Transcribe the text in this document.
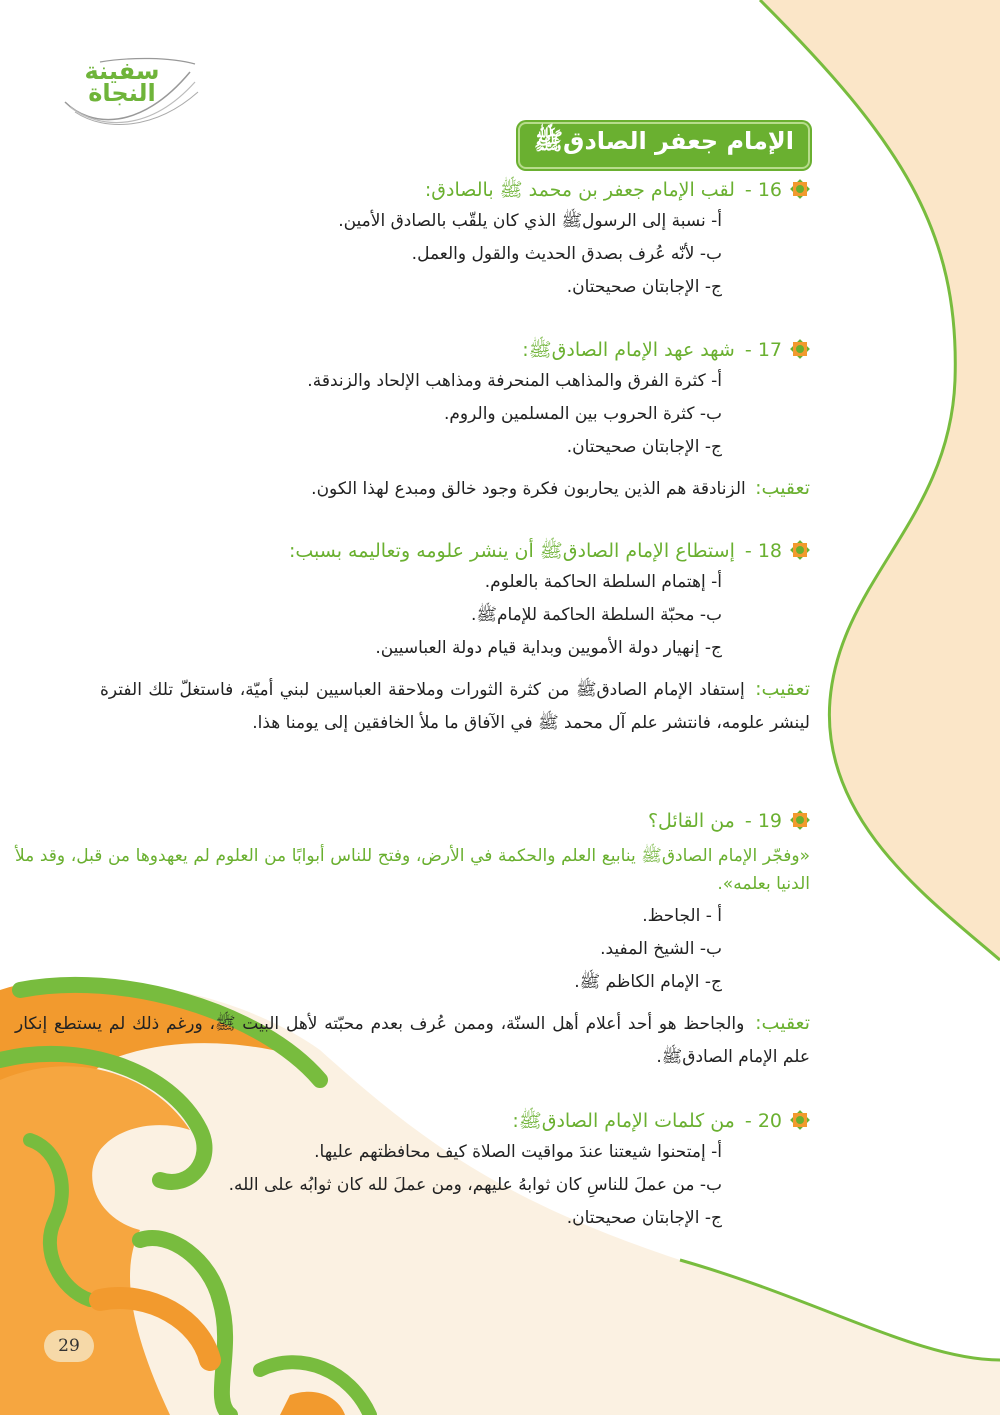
سفينة
النجاة
الإمام جعفر الصادقﷺ
16 - لقب الإمام جعفر بن محمد ﷺ بالصادق:
أ- نسبة إلى الرسولﷺ الذي كان يلقّب بالصادق الأمين.
ب- لأنّه عُرف بصدق الحديث والقول والعمل.
ج- الإجابتان صحيحتان.
17 - شهد عهد الإمام الصادقﷺ:
أ- كثرة الفرق والمذاهب المنحرفة ومذاهب الإلحاد والزندقة.
ب- كثرة الحروب بين المسلمين والروم.
ج- الإجابتان صحيحتان.
تعقيب: الزنادقة هم الذين يحاربون فكرة وجود خالق ومبدع لهذا الكون.
18 - إستطاع الإمام الصادقﷺ أن ينشر علومه وتعاليمه بسبب:
أ- إهتمام السلطة الحاكمة بالعلوم.
ب- محبّة السلطة الحاكمة للإمامﷺ.
ج- إنهيار دولة الأمويين وبداية قيام دولة العباسيين.
تعقيب: إستفاد الإمام الصادقﷺ من كثرة الثورات وملاحقة العباسيين لبني أميّة، فاستغلّ تلك الفترة لينشر علومه، فانتشر علم آل محمد ﷺ في الآفاق ما ملأ الخافقين إلى يومنا هذا.
19 - من القائل؟
«وفجّر الإمام الصادقﷺ ينابيع العلم والحكمة في الأرض، وفتح للناس أبوابًا من العلوم لم يعهدوها من قبل، وقد ملأ الدنيا بعلمه».
أ - الجاحظ.
ب- الشيخ المفيد.
ج- الإمام الكاظم ﷺ.
تعقيب: والجاحظ هو أحد أعلام أهل السنّة، وممن عُرف بعدم محبّته لأهل البيت ﷺ، ورغم ذلك لم يستطع إنكار علم الإمام الصادقﷺ.
20 - من كلمات الإمام الصادقﷺ:
أ- إمتحنوا شيعتنا عندَ مواقيت الصلاة كيف محافظتهم عليها.
ب- من عملَ للناسِ كان ثوابهُ عليهم، ومن عملَ لله كان ثوابُه على الله.
ج- الإجابتان صحيحتان.
29
